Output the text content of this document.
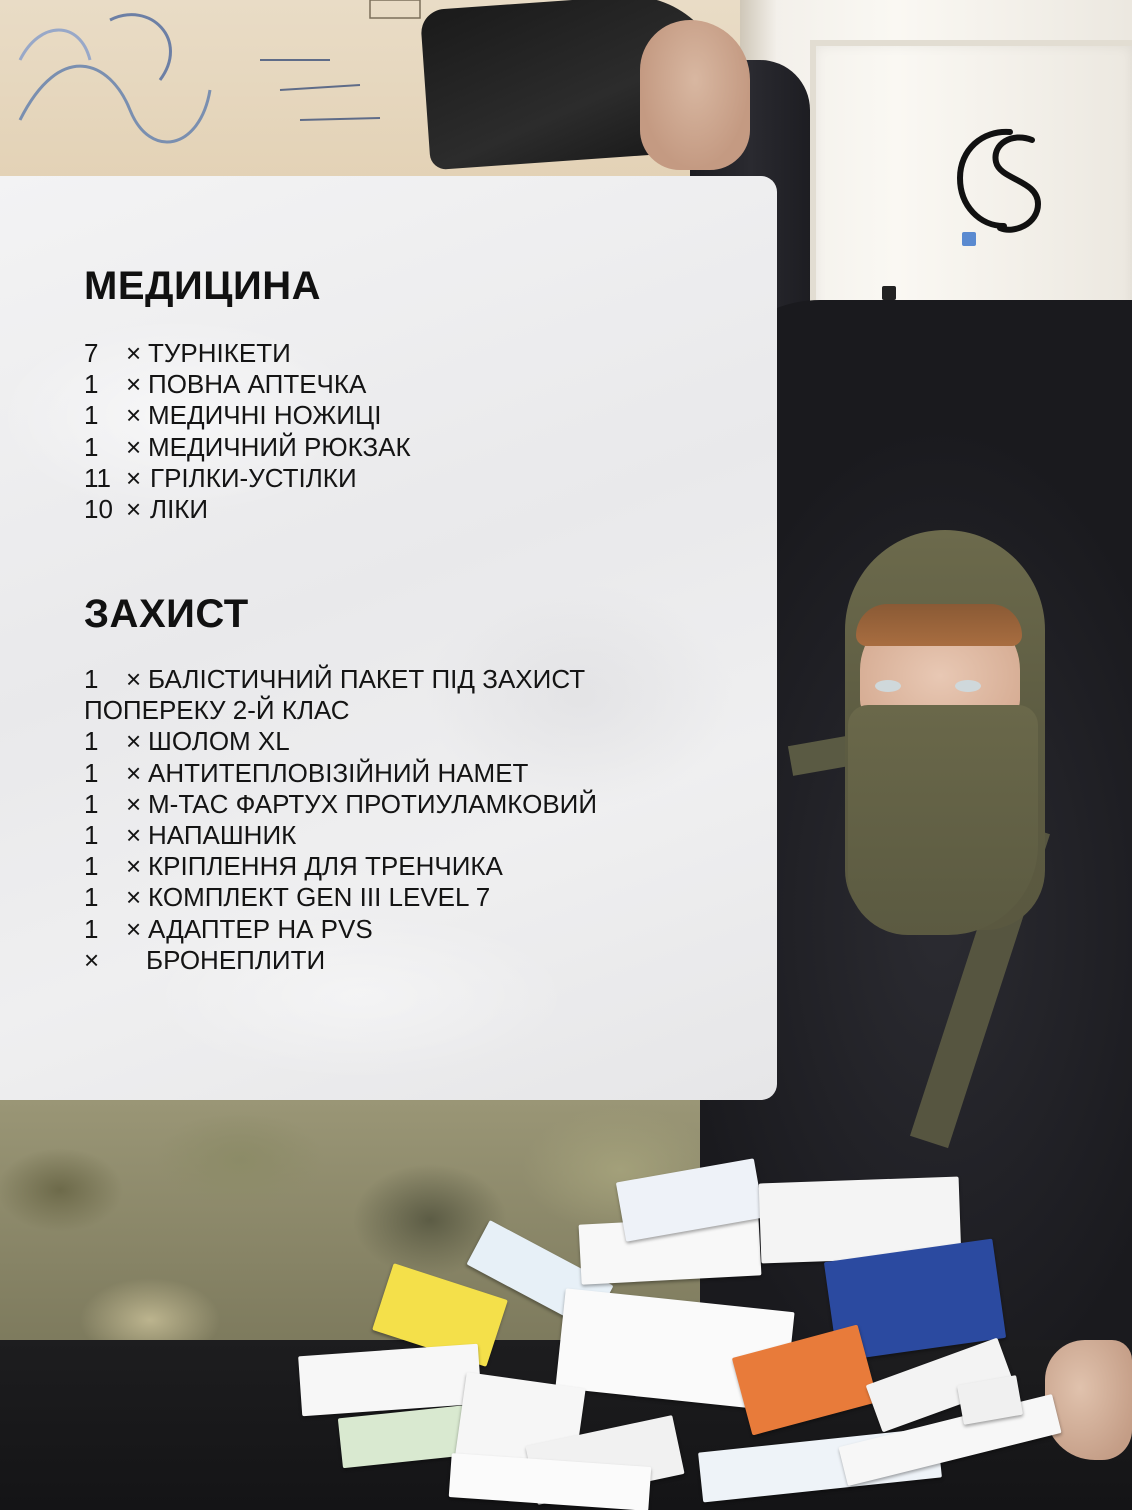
МЕДИЦИНА
7 × ТУРНІКЕТИ
1 × ПОВНА АПТЕЧКА
1 × МЕДИЧНІ НОЖИЦІ
1 × МЕДИЧНИЙ РЮКЗАК
11 × ГРІЛКИ-УСТІЛКИ
10 × ЛІКИ
ЗАХИСТ
1 × БАЛІСТИЧНИЙ ПАКЕТ ПІД ЗАХИСТ
ПОПЕРЕКУ 2-Й КЛАС
1 × ШОЛОМ XL
1 × АНТИТЕПЛОВІЗІЙНИЙ НАМЕТ
1 × M-TAC ФАРТУХ ПРОТИУЛАМКОВИЙ
1 × НАПАШНИК
1 × КРІПЛЕННЯ ДЛЯ ТРЕНЧИКА
1 × КОМПЛЕКТ GEN III LEVEL 7
1 × АДАПТЕР НА PVS
× БРОНЕПЛИТИ
